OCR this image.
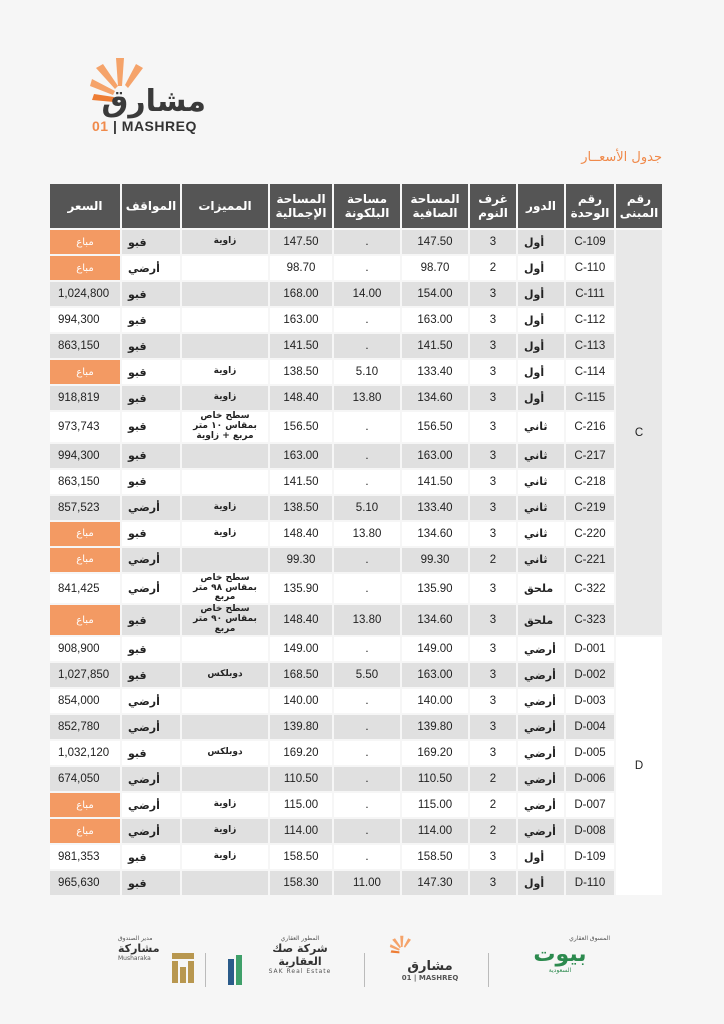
مشارق
01 | MASHREQ
جدول الأسعــار
رقم المبنى	رقم الوحدة	الدور	غرف النوم	المساحة الصافية	مساحة البلكونة	المساحة الإجمالية	المميزات	المواقف	السعر
C	C-109	أول	3	147.50	.	147.50	زاوية	قبو	مباع
	C-110	أول	2	98.70	.	98.70		أرضي	مباع
	C-111	أول	3	154.00	14.00	168.00		قبو	1,024,800
	C-112	أول	3	163.00	.	163.00		قبو	994,300
	C-113	أول	3	141.50	.	141.50		قبو	863,150
	C-114	أول	3	133.40	5.10	138.50	زاوية	قبو	مباع
	C-115	أول	3	134.60	13.80	148.40	زاوية	قبو	918,819
	C-216	ثاني	3	156.50	.	156.50	سطح خاص بمقاس ١٠ متر مربع + زاوية	قبو	973,743
	C-217	ثاني	3	163.00	.	163.00		قبو	994,300
	C-218	ثاني	3	141.50	.	141.50		قبو	863,150
	C-219	ثاني	3	133.40	5.10	138.50	زاوية	أرضي	857,523
	C-220	ثاني	3	134.60	13.80	148.40	زاوية	قبو	مباع
	C-221	ثاني	2	99.30	.	99.30		أرضي	مباع
	C-322	ملحق	3	135.90	.	135.90	سطح خاص بمقاس ٩٨ متر مربع	أرضي	841,425
	C-323	ملحق	3	134.60	13.80	148.40	سطح خاص بمقاس ٩٠ متر مربع	قبو	مباع
D	D-001	أرضي	3	149.00	.	149.00		قبو	908,900
	D-002	أرضي	3	163.00	5.50	168.50	دوبلكس	قبو	1,027,850
	D-003	أرضي	3	140.00	.	140.00		أرضي	854,000
	D-004	أرضي	3	139.80	.	139.80		أرضي	852,780
	D-005	أرضي	3	169.20	.	169.20	دوبلكس	قبو	1,032,120
	D-006	أرضي	2	110.50	.	110.50		أرضي	674,050
	D-007	أرضي	2	115.00	.	115.00	زاوية	أرضي	مباع
	D-008	أرضي	2	114.00	.	114.00	زاوية	أرضي	مباع
	D-109	أول	3	158.50	.	158.50	زاوية	قبو	981,353
	D-110	أول	3	147.30	11.00	158.30		قبو	965,630
المسوق العقاري
بيوت
السعودية
مشارق
01 | MASHREQ
المطور العقاري
شركة صك العقارية
SAK Real Estate
مدير الصندوق
مشاركة
Musharaka
